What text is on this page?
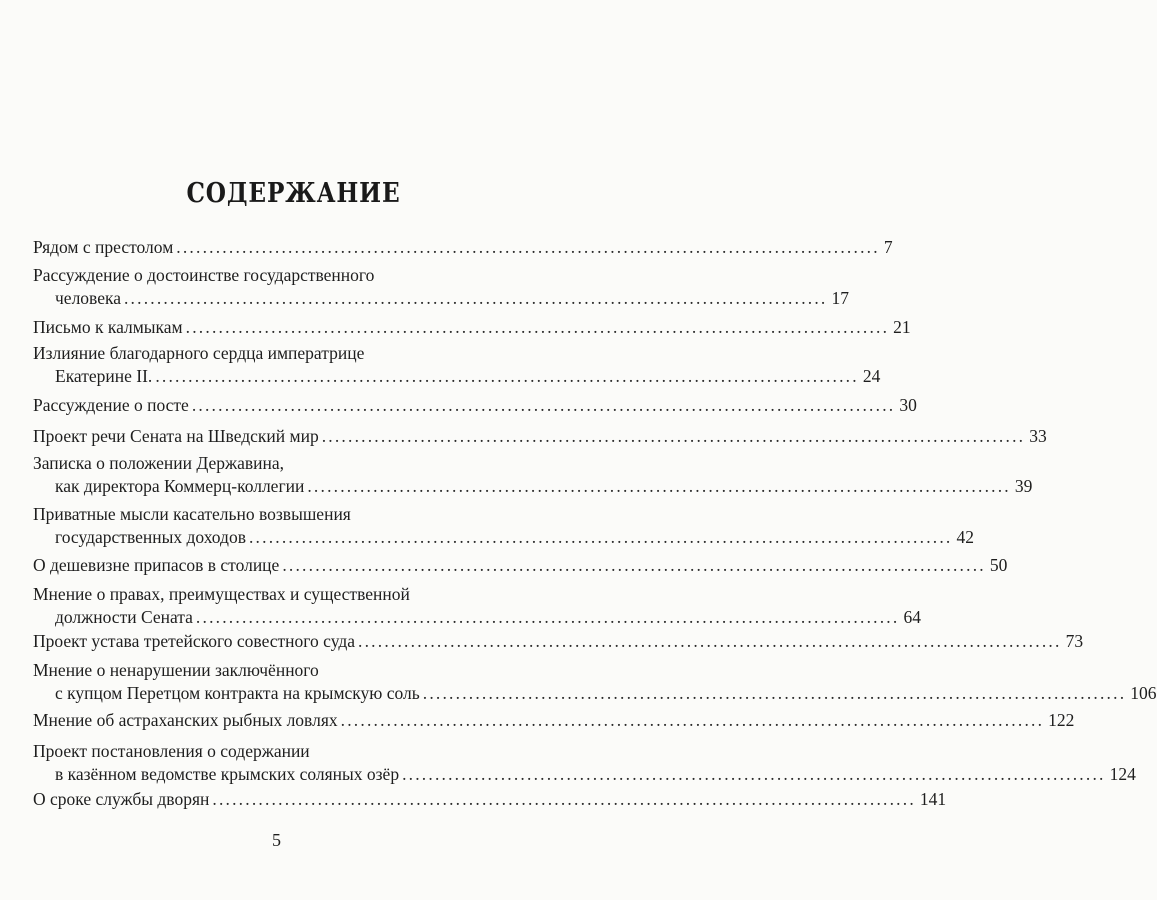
СОДЕРЖАНИЕ
Рядом с престолом ........................................................................................................... 7
Рассуждение о достоинстве государственного
человека ........................................................................................................... 17
Письмо к калмыкам ........................................................................................................... 21
Излияние благодарного сердца императрице
Екатерине II. ........................................................................................................... 24
Рассуждение о посте ........................................................................................................... 30
Проект речи Сената на Шведский мир ........................................................................................................... 33
Записка о положении Державина,
как директора Коммерц-коллегии ........................................................................................................... 39
Приватные мысли касательно возвышения
государственных доходов ........................................................................................................... 42
О дешевизне припасов в столице ........................................................................................................... 50
Мнение о правах, преимуществах и существенной
должности Сената ........................................................................................................... 64
Проект устава третейского совестного суда ........................................................................................................... 73
Мнение о ненарушении заключённого
с купцом Перетцом контракта на крымскую соль ........................................................................................................... 106
Мнение об астраханских рыбных ловлях ........................................................................................................... 122
Проект постановления о содержании
в казённом ведомстве крымских соляных озёр ........................................................................................................... 124
О сроке службы дворян ........................................................................................................... 141
5
